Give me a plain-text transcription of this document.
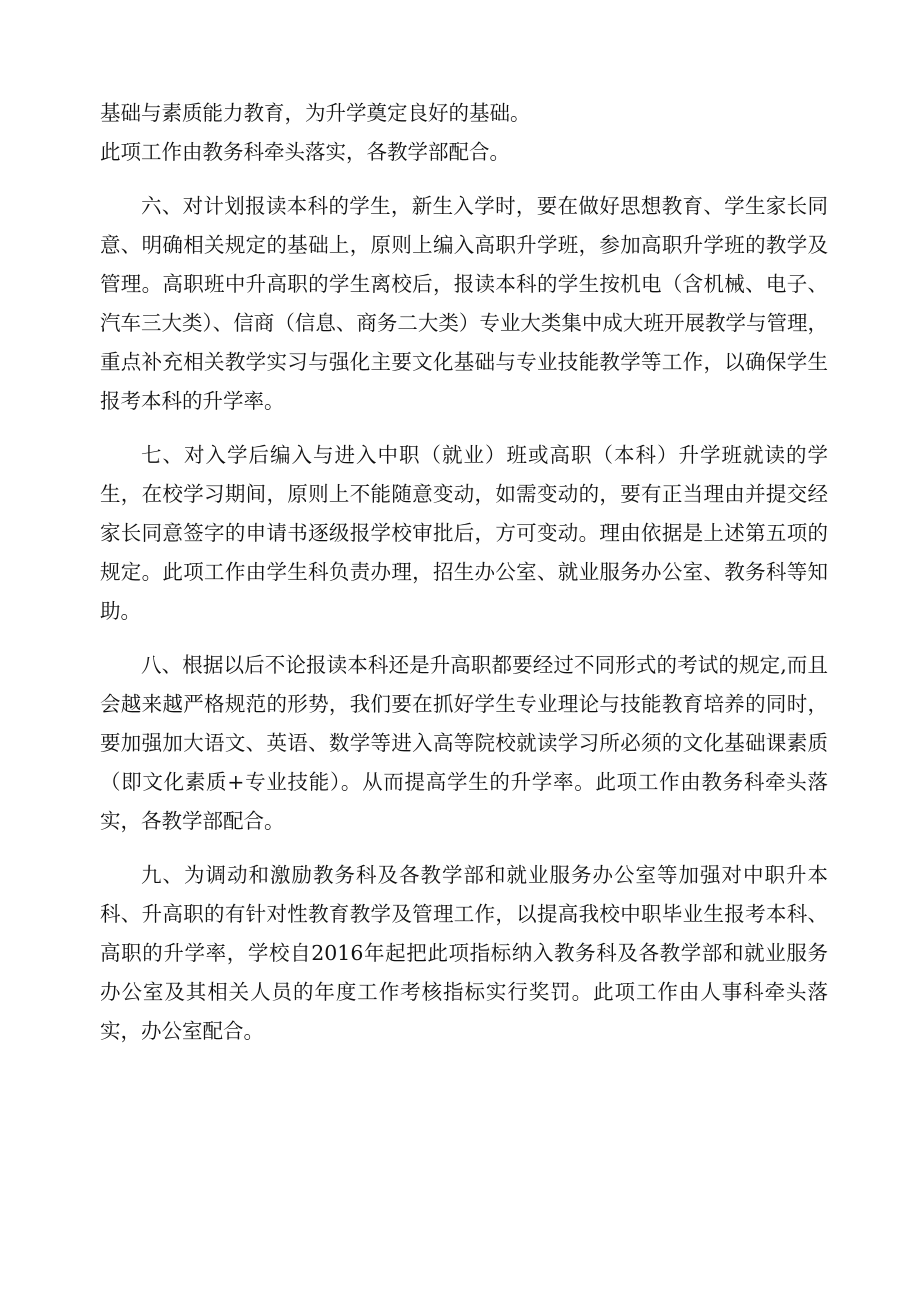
基础与素质能力教育，为升学奠定良好的基础。

此项工作由教务科牵头落实，各教学部配合。

六、对计划报读本科的学生，新生入学时，要在做好思想教育、学生家长同意、明确相关规定的基础上，原则上编入高职升学班，参加高职升学班的教学及管理。高职班中升高职的学生离校后，报读本科的学生按机电（含机械、电子、汽车三大类）、信商（信息、商务二大类）专业大类集中成大班开展教学与管理，重点补充相关教学实习与强化主要文化基础与专业技能教学等工作，以确保学生报考本科的升学率。

七、对入学后编入与进入中职（就业）班或高职（本科）升学班就读的学生，在校学习期间，原则上不能随意变动，如需变动的，要有正当理由并提交经家长同意签字的申请书逐级报学校审批后，方可变动。理由依据是上述第五项的规定。此项工作由学生科负责办理，招生办公室、就业服务办公室、教务科等知助。

八、根据以后不论报读本科还是升高职都要经过不同形式的考试的规定,而且会越来越严格规范的形势，我们要在抓好学生专业理论与技能教育培养的同时，要加强加大语文、英语、数学等进入高等院校就读学习所必须的文化基础课素质（即文化素质+专业技能）。从而提高学生的升学率。此项工作由教务科牵头落实，各教学部配合。

九、为调动和激励教务科及各教学部和就业服务办公室等加强对中职升本科、升高职的有针对性教育教学及管理工作，以提高我校中职毕业生报考本科、高职的升学率，学校自2016年起把此项指标纳入教务科及各教学部和就业服务办公室及其相关人员的年度工作考核指标实行奖罚。此项工作由人事科牵头落实，办公室配合。
